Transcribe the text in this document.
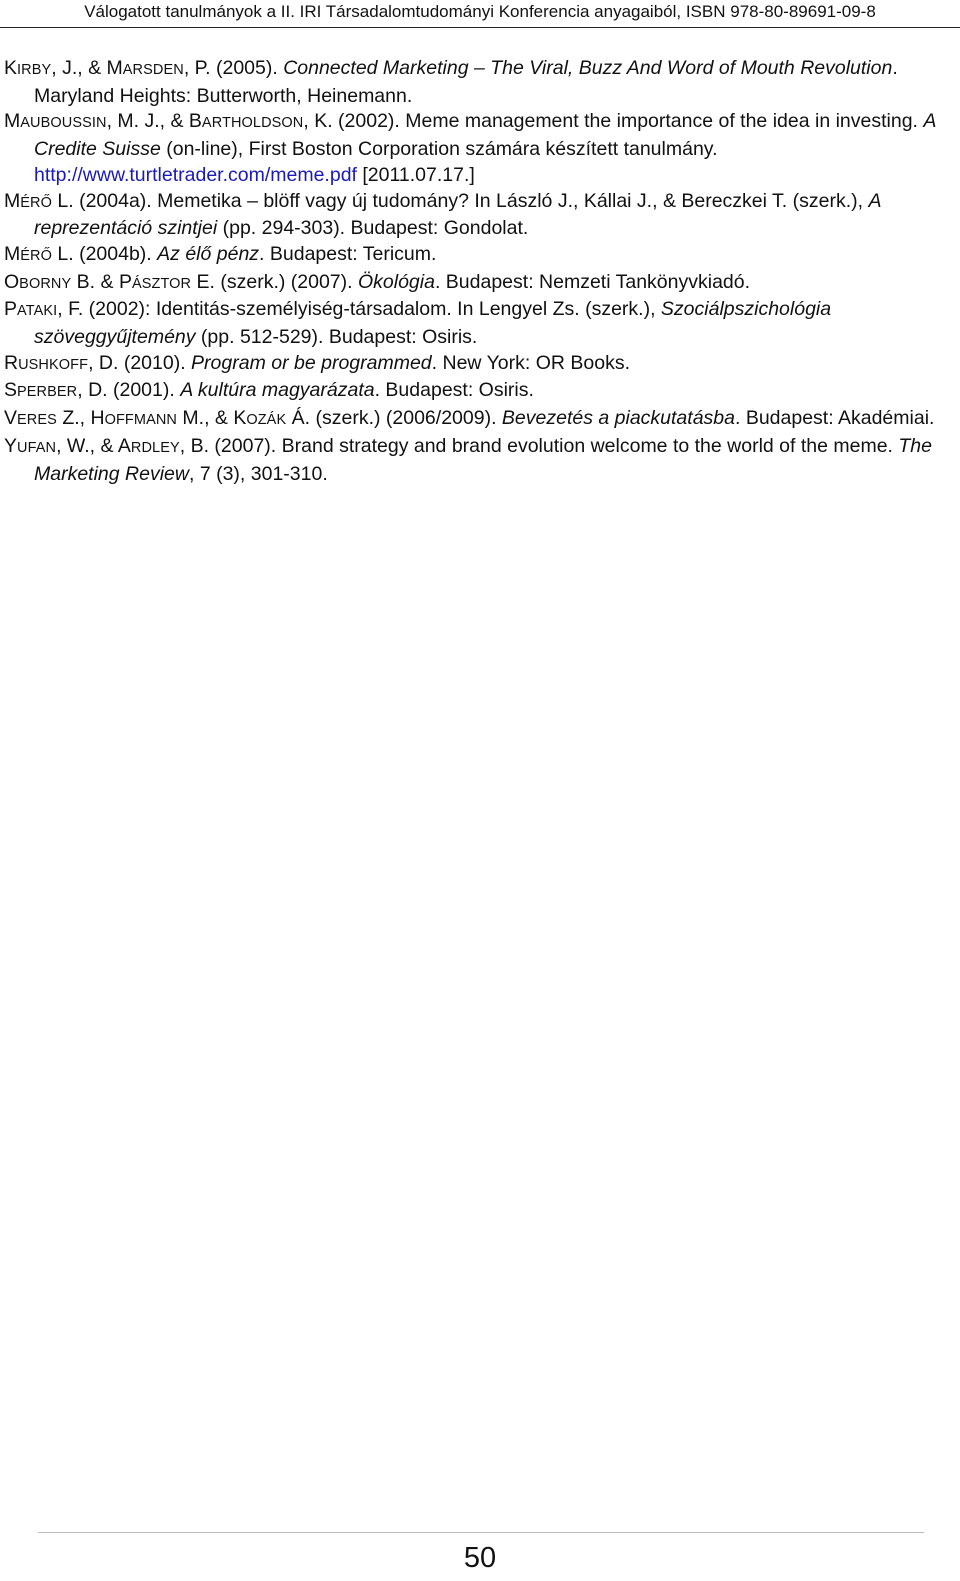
Válogatott tanulmányok a II. IRI Társadalomtudományi Konferencia anyagaiból, ISBN 978-80-89691-09-8

KIRBY, J., & MARSDEN, P. (2005). Connected Marketing – The Viral, Buzz And Word of Mouth Revolution. Maryland Heights: Butterworth, Heinemann.

MAUBOUSSIN, M. J., & BARTHOLDSON, K. (2002). Meme management the importance of the idea in investing. A Credite Suisse (on-line), First Boston Corporation számára készített tanulmány. http://www.turtletrader.com/meme.pdf [2011.07.17.]

MÉRŐ L. (2004a). Memetika – blöff vagy új tudomány? In László J., Kállai J., & Bereczkei T. (szerk.), A reprezentáció szintjei (pp. 294-303). Budapest: Gondolat.

MÉRŐ L. (2004b). Az élő pénz. Budapest: Tericum.

OBORNY B. & PÁSZTOR E. (szerk.) (2007). Ökológia. Budapest: Nemzeti Tankönyvkiadó.

PATAKI, F. (2002): Identitás-személyiség-társadalom. In Lengyel Zs. (szerk.), Szociálpszichológia szöveggyűjtemény (pp. 512-529). Budapest: Osiris.

RUSHKOFF, D. (2010). Program or be programmed. New York: OR Books.

SPERBER, D. (2001). A kultúra magyarázata. Budapest: Osiris.

VERES Z., HOFFMANN M., & KOZÁK Á. (szerk.) (2006/2009). Bevezetés a piackutatásba. Budapest: Akadémiai.

YUFAN, W., & ARDLEY, B. (2007). Brand strategy and brand evolution welcome to the world of the meme. The Marketing Review, 7 (3), 301-310.

50
